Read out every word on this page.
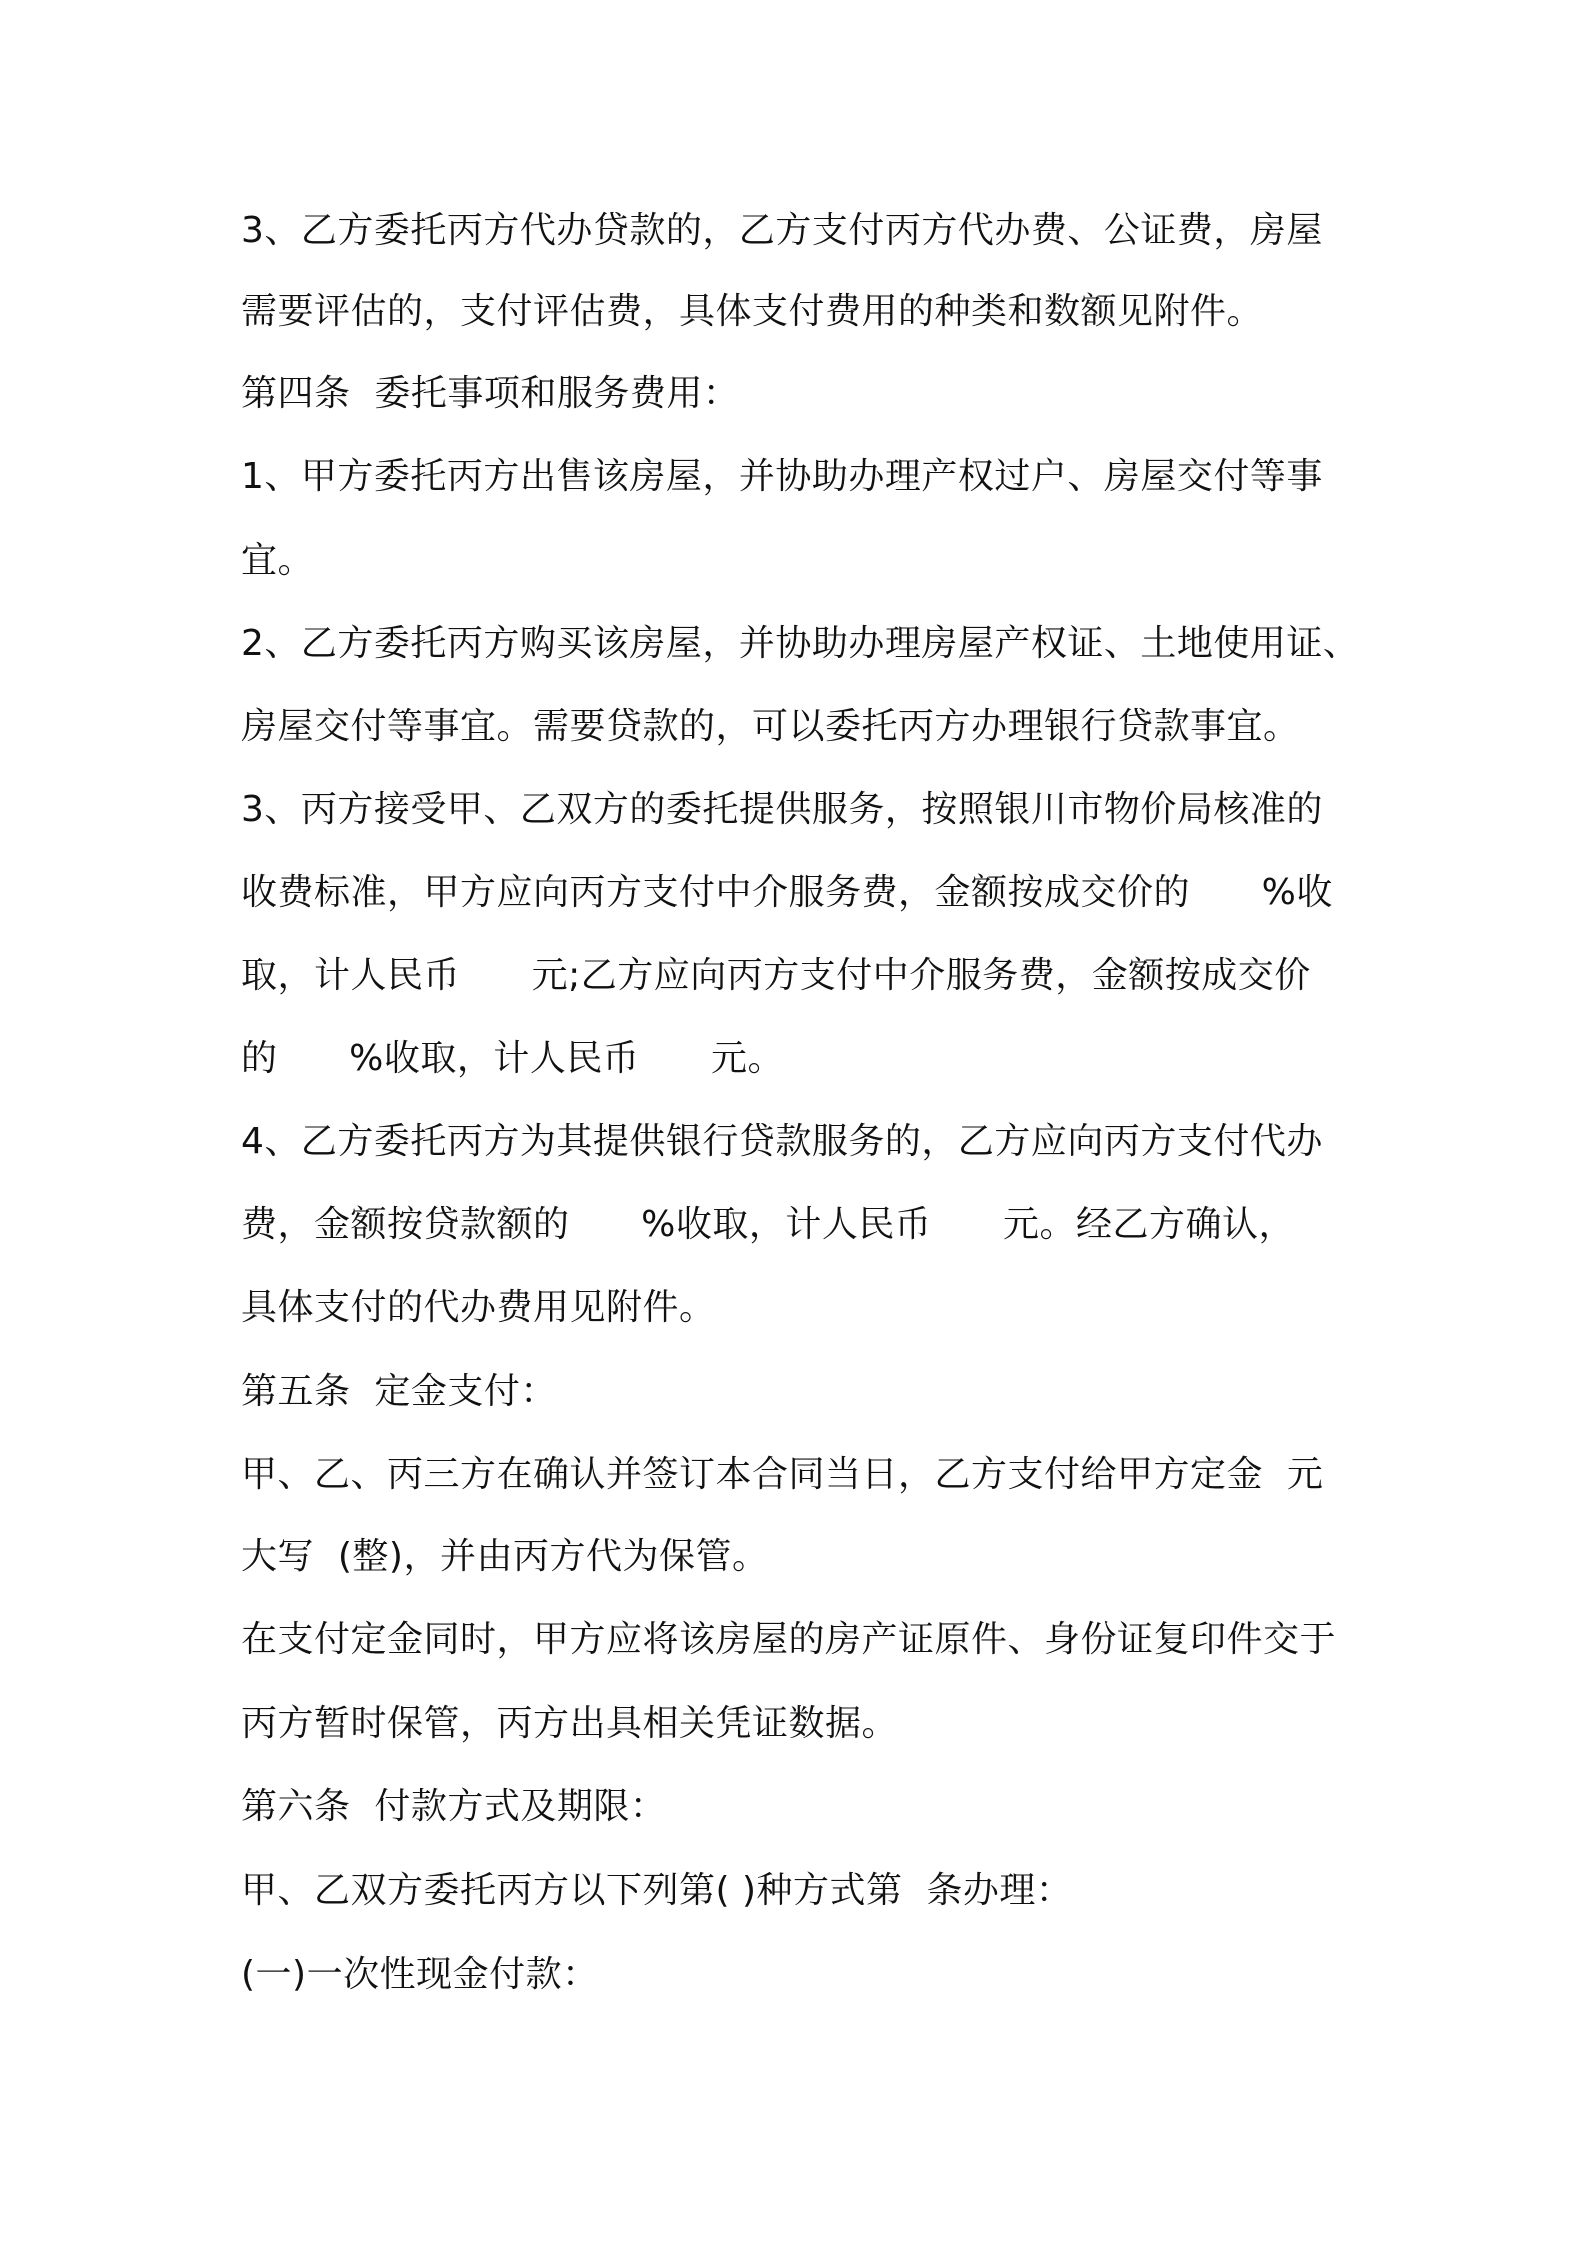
3、乙方委托丙方代办贷款的，乙方支付丙方代办费、公证费，房屋
需要评估的，支付评估费，具体支付费用的种类和数额见附件。
第四条  委托事项和服务费用：
1、甲方委托丙方出售该房屋，并协助办理产权过户、房屋交付等事
宜。
2、乙方委托丙方购买该房屋，并协助办理房屋产权证、土地使用证、
房屋交付等事宜。需要贷款的，可以委托丙方办理银行贷款事宜。
3、丙方接受甲、乙双方的委托提供服务，按照银川市物价局核准的
收费标准，甲方应向丙方支付中介服务费，金额按成交价的      %收
取，计人民币      元;乙方应向丙方支付中介服务费，金额按成交价
的      %收取，计人民币      元。
4、乙方委托丙方为其提供银行贷款服务的，乙方应向丙方支付代办
费，金额按贷款额的      %收取，计人民币      元。经乙方确认，
具体支付的代办费用见附件。
第五条  定金支付：
甲、乙、丙三方在确认并签订本合同当日，乙方支付给甲方定金  元
大写  (整)，并由丙方代为保管。
在支付定金同时，甲方应将该房屋的房产证原件、身份证复印件交于
丙方暂时保管，丙方出具相关凭证数据。
第六条  付款方式及期限：
甲、乙双方委托丙方以下列第( )种方式第  条办理：
(一)一次性现金付款：
